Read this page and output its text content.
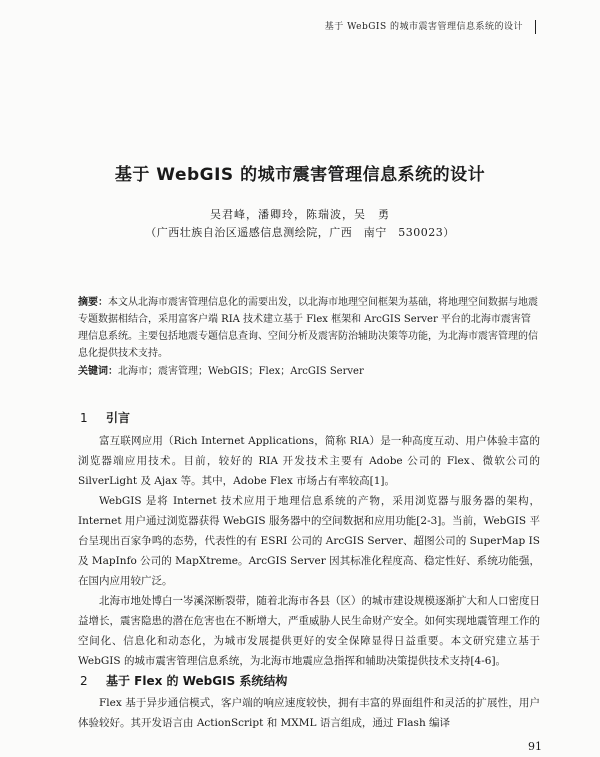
基于 WebGIS 的城市震害管理信息系统的设计
基于 WebGIS 的城市震害管理信息系统的设计
吴君峰，潘卿玲，陈瑞波，吴　勇
（广西壮族自治区遥感信息测绘院，广西　南宁　530023）
摘要：本文从北海市震害管理信息化的需要出发，以北海市地理空间框架为基础，将地理空间数据与地震专题数据相结合，采用富客户端 RIA 技术建立基于 Flex 框架和 ArcGIS Server 平台的北海市震害管理信息系统。主要包括地震专题信息查询、空间分析及震害防治辅助决策等功能，为北海市震害管理的信息化提供技术支持。
关键词：北海市；震害管理；WebGIS；Flex；ArcGIS Server
1 引言

富互联网应用（Rich Internet Applications，简称 RIA）是一种高度互动、用户体验丰富的浏览器端应用技术。目前，较好的 RIA 开发技术主要有 Adobe 公司的 Flex、微软公司的 SilverLight 及 Ajax 等。其中，Adobe Flex 市场占有率较高[1]。

WebGIS 是将 Internet 技术应用于地理信息系统的产物，采用浏览器与服务器的架构，Internet 用户通过浏览器获得 WebGIS 服务器中的空间数据和应用功能[2-3]。当前，WebGIS 平台呈现出百家争鸣的态势，代表性的有 ESRI 公司的 ArcGIS Server、超图公司的 SuperMap IS 及 MapInfo 公司的 MapXtreme。ArcGIS Server 因其标准化程度高、稳定性好、系统功能强，在国内应用较广泛。

北海市地处博白一岑溪深断裂带，随着北海市各县（区）的城市建设规模逐渐扩大和人口密度日益增长，震害隐患的潜在危害也在不断增大，严重威胁人民生命财产安全。如何实现地震管理工作的空间化、信息化和动态化，为城市发展提供更好的安全保障显得日益重要。本文研究建立基于 WebGIS 的城市震害管理信息系统，为北海市地震应急指挥和辅助决策提供技术支持[4-6]。

2 基于 Flex 的 WebGIS 系统结构

Flex 基于异步通信模式，客户端的响应速度较快，拥有丰富的界面组件和灵活的扩展性，用户体验较好。其开发语言由 ActionScript 和 MXML 语言组成，通过 Flash 编译

91
